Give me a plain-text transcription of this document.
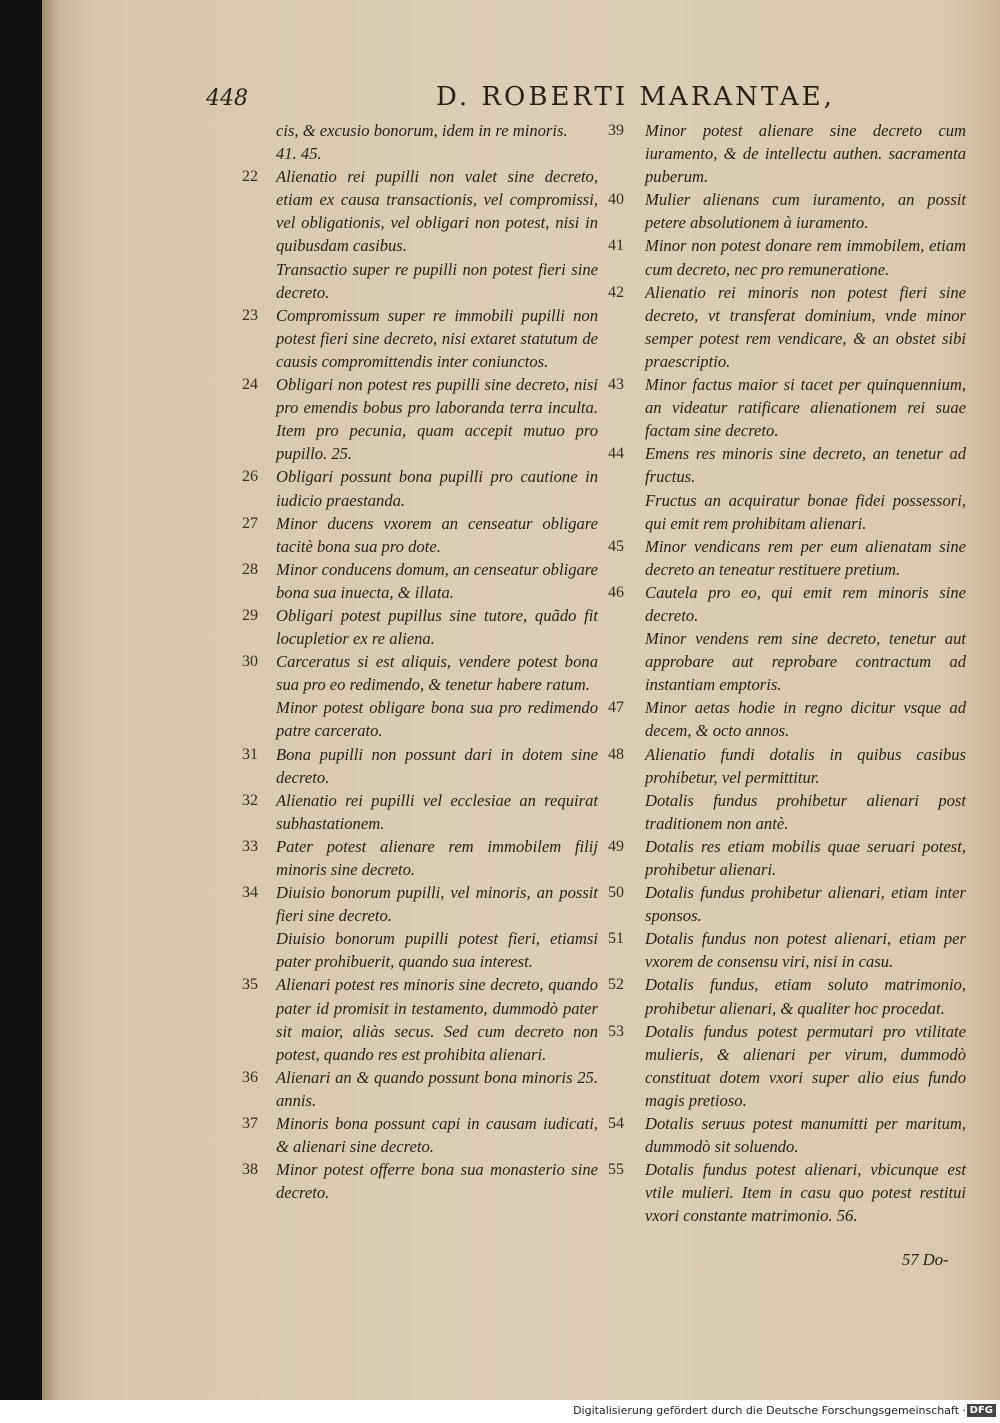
448	D. ROBERTI MARANTAE,
cis, & excusio bonorum, idem in re minoris.
41. 45.
22 Alienatio rei pupilli non valet sine decreto, etiam ex causa transactionis, vel compromissi, vel obligationis, vel obligari non potest, nisi in quibusdam casibus.
Transactio super re pupilli non potest fieri sine decreto.
23 Compromissum super re immobili pupilli non potest fieri sine decreto, nisi extaret statutum de causis compromittendis inter coniunctos.
24 Obligari non potest res pupilli sine decreto, nisi pro emendis bobus pro laboranda terra inculta. Item pro pecunia, quam accepit mutuo pro pupillo. 25.
26 Obligari possunt bona pupilli pro cautione in iudicio praestanda.
27 Minor ducens vxorem an censeatur obligare tacitè bona sua pro dote.
28 Minor conducens domum, an censeatur obligare bona sua inuecta, & illata.
29 Obligari potest pupillus sine tutore, quãdo fit locupletior ex re aliena.
30 Carceratus si est aliquis, vendere potest bona sua pro eo redimendo, & tenetur habere ratum.
Minor potest obligare bona sua pro redimendo patre carcerato.
31 Bona pupilli non possunt dari in dotem sine decreto.
32 Alienatio rei pupilli vel ecclesiae an requirat subhastationem.
33 Pater potest alienare rem immobilem filij minoris sine decreto.
34 Diuisio bonorum pupilli, vel minoris, an possit fieri sine decreto.
Diuisio bonorum pupilli potest fieri, etiamsi pater prohibuerit, quando sua interest.
35 Alienari potest res minoris sine decreto, quando pater id promisit in testamento, dummodò pater sit maior, aliàs secus. Sed cum decreto non potest, quando res est prohibita alienari.
36 Alienari an & quando possunt bona minoris 25. annis.
37 Minoris bona possunt capi in causam iudicati, & alienari sine decreto.
38 Minor potest offerre bona sua monasterio sine decreto.
39 Minor potest alienare sine decreto cum iuramento, & de intellectu authen. sacramenta puberum.
40 Mulier alienans cum iuramento, an possit petere absolutionem à iuramento.
41 Minor non potest donare rem immobilem, etiam cum decreto, nec pro remuneratione.
42 Alienatio rei minoris non potest fieri sine decreto, vt transferat dominium, vnde minor semper potest rem vendicare, & an obstet sibi praescriptio.
43 Minor factus maior si tacet per quinquennium, an videatur ratificare alienationem rei suae factam sine decreto.
44 Emens res minoris sine decreto, an tenetur ad fructus.
Fructus an acquiratur bonae fidei possessori, qui emit rem prohibitam alienari.
45 Minor vendicans rem per eum alienatam sine decreto an teneatur restituere pretium.
46 Cautela pro eo, qui emit rem minoris sine decreto.
Minor vendens rem sine decreto, tenetur aut approbare aut reprobare contractum ad instantiam emptoris.
47 Minor aetas hodie in regno dicitur vsque ad decem, & octo annos.
48 Alienatio fundi dotalis in quibus casibus prohibetur, vel permittitur.
Dotalis fundus prohibetur alienari post traditionem non antè.
49 Dotalis res etiam mobilis quae seruari potest, prohibetur alienari.
50 Dotalis fundus prohibetur alienari, etiam inter sponsos.
51 Dotalis fundus non potest alienari, etiam per vxorem de consensu viri, nisi in casu.
52 Dotalis fundus, etiam soluto matrimonio, prohibetur alienari, & qualiter hoc procedat.
53 Dotalis fundus potest permutari pro vtilitate mulieris, & alienari per virum, dummodò constituat dotem vxori super alio eius fundo magis pretioso.
54 Dotalis seruus potest manumitti per maritum, dummodò sit soluendo.
55 Dotalis fundus potest alienari, vbicunque est vtile mulieri. Item in casu quo potest restitui vxori constante matrimonio. 56.
57 Do-
Digitalisierung gefördert durch die Deutsche Forschungsgemeinschaft · DFG
